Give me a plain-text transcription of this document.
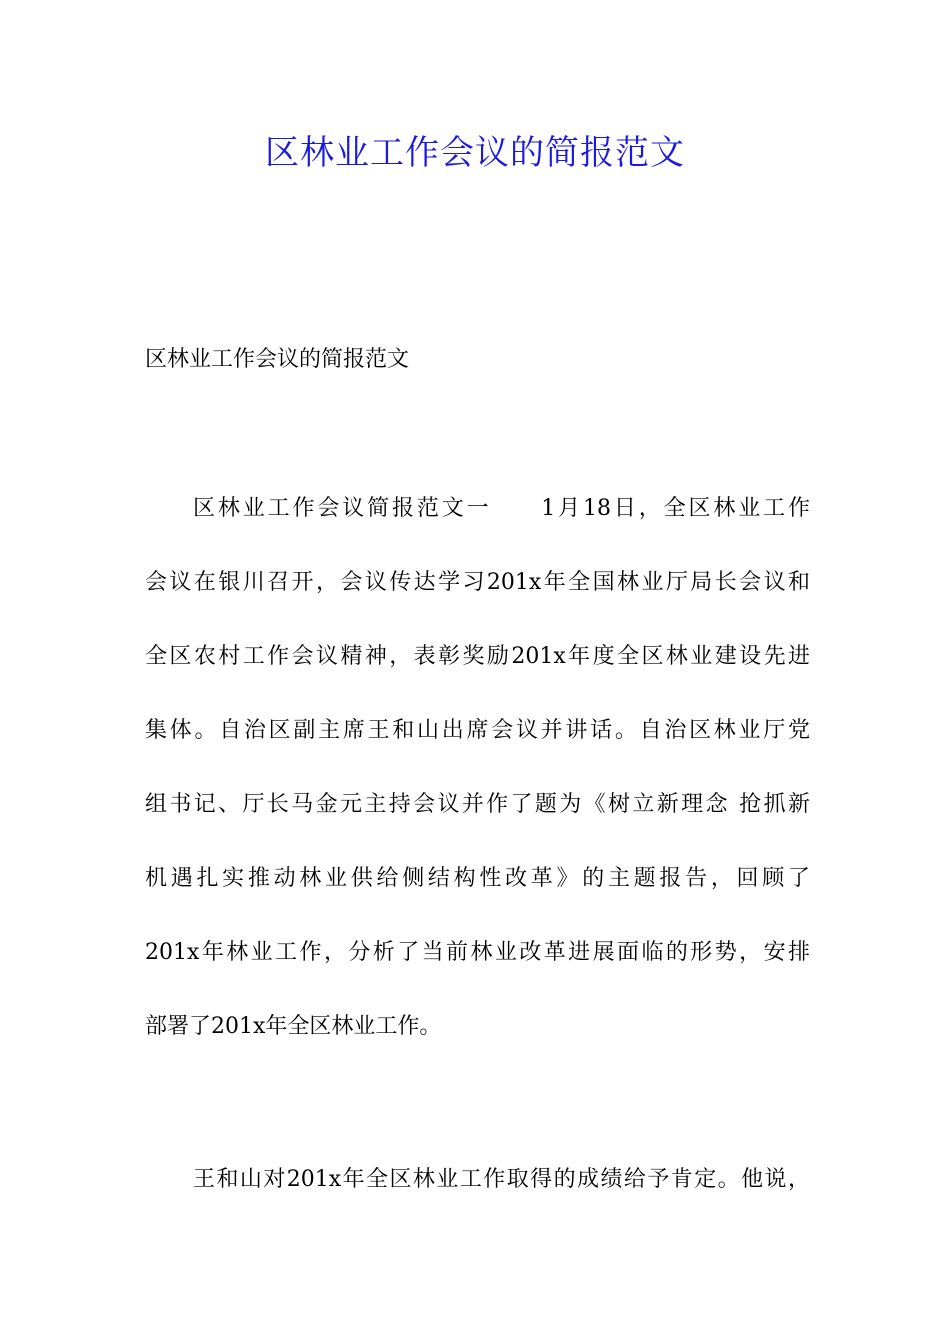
区林业工作会议的简报范文

区林业工作会议的简报范文

区林业工作会议简报范文一　　1月18日，全区林业工作
会议在银川召开，会议传达学习201x年全国林业厅局长会议和
全区农村工作会议精神，表彰奖励201x年度全区林业建设先进
集体。自治区副主席王和山出席会议并讲话。自治区林业厅党
组书记、厅长马金元主持会议并作了题为《树立新理念 抢抓新
机遇扎实推动林业供给侧结构性改革》的主题报告，回顾了
201x年林业工作，分析了当前林业改革进展面临的形势，安排
部署了201x年全区林业工作。
王和山对201x年全区林业工作取得的成绩给予肯定。他说，
